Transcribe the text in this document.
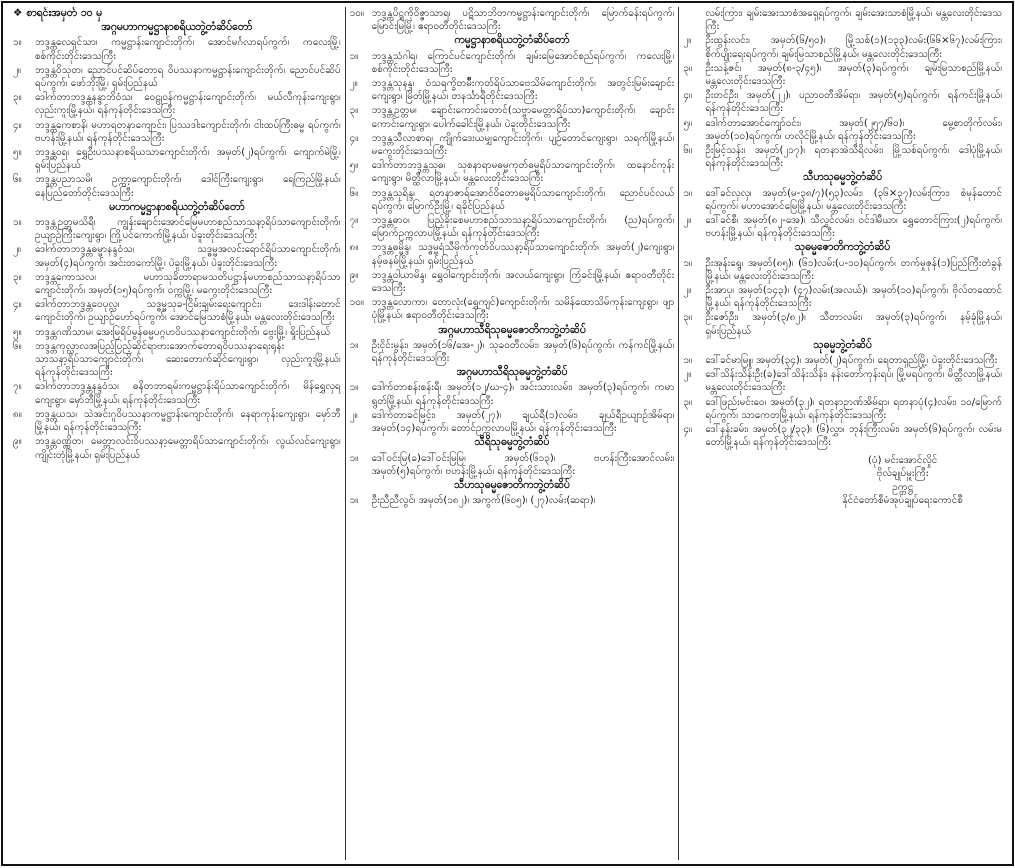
❖ စာရင်းအမှတ် ၁၀ မှ
အဂ္ဂမဟာကမ္မဋ္ဌာနာစရိယဘွဲ့တံဆိပ်တော်
၁။	ဘဒ္ဒန္တလေရှင်သာ၊ ကမ္မဋ္ဌာန်းကျောင်းတိုက်၊ အောင်မင်္ဂလာရပ်ကွက်၊ ကလေးမြို့၊ စစ်ကိုင်းတိုင်းဒေသကြီး
၂။	ဘဒ္ဒန္တဝိသုတ၊ ညောင်ပင်ဆိပ်တောရ ဝိပဿနာကမ္မဋ္ဌာန်းကျောင်းတိုက်၊ ညောင်ပင်ဆိပ်ရပ်ကွက်၊ ဖော်ဘိုးမြို့၊ ရှမ်းပြည်နယ်
၃။	ဒေါက်တာဘဒ္ဒန္တနန္ဒာဘိဝံသ၊ ဝေဠုဝန်ကမ္မဋ္ဌာန်းကျောင်းတိုက်၊ မယ်လီကုန်းကျေးရွာ၊ လှည်းကူးမြို့နယ်၊ ရန်ကုန်တိုင်းဒေသကြီး
၄။	ဘဒ္ဒန္တကေစာနိ၊ မဟာရတနာကျောင်း၊ ပြဿဒါးကျောင်းတိုက်၊ ငါးထပ်ကြီးဓမ္မ ရပ်ကွက်၊ ဗဟန်းမြို့နယ်၊ ရန်ကုန်တိုင်းဒေသကြီး
၅။	ဘဒ္ဒန္တဝရ၊ ရွှေဦးပဿနာစရိယသာကျောင်းတိုက်၊ အမှတ်(၂)ရပ်ကွက်၊ ကျောက်မဲမြို့၊ ရှမ်းပြည်နယ်
၆။	ဘဒ္ဒန္တပညာသမိ၊ ဥက္ကာ့ကျောင်းတိုက်၊ ဒေါင်ကြီးကျေးရွာ၊ ရေကြည်မြို့နယ်၊ နေပြည်တော်တိုင်းဒေသကြီး
မဟာကမ္မဋ္ဌာနာစရိယဘွဲ့တံဆိပ်တော်
၁။	ဘဒ္ဒန္တဥတ္တမသိရီ၊ ကျွန်းချောင်းအောင်မြေမဟာစည်သာသနာ့ရိပ်သာကျောင်းတိုက်၊ ဥယျာဉ်ကြီးကျေးရွာ၊ ကြို့ပင်ကောက်မြို့နယ်၊ ပဲခူးတိုင်းဒေသကြီး
၂။	ဒေါက်တာဘဒ္ဒန္တဓမ္မာနန္ဒဝံသ၊ သဒ္ဓမ္မအလင်းရောင်ရိပ်သာကျောင်းတိုက်၊ အမှတ်(၄)ရပ်ကွက်၊ အင်းတကော်မြို့၊ ပဲခူးမြို့နယ်၊ ပဲခူးတိုင်းဒေသကြီး
၃။	ဘဒ္ဒန္တကောသလ၊ မဟာသုခိတာရာမသတိပဋ္ဌာန်မဟာစည်သာသနာ့ရိပ်သာကျောင်းတိုက်၊ အမှတ်(၁၅)ရပ်ကွက်၊ ဝက္ကမြို့၊ မကွေးတိုင်းဒေသကြီး
၄။	ဒေါက်တာဘဒ္ဒန္တဝေပုလ္လ၊ သဒ္ဓမ္မသုခ-ငြိမ်းချမ်းရေးကျောင်း၊ ဒေးဒါန်းတောင်ကျောင်းတိုက်၊ ဥယျာဉ်ဟော်ရပ်ကွက်၊ အောင်မြေသာစံမြို့နယ်၊ မန္တလေးတိုင်းဒေသကြီး
၅။	ဘဒ္ဒန္တဂဏိသာမ၊ အေးမြရိပ်မွန်ဓမ္မပဂ္ဂဟဝိပဿနာကျောင်းတိုက်၊ ဗွေးမြို့၊ ရှိုးပြည်နယ်
၆။	ဘဒ္ဒန္တကုလ္လာလအပြည့်ပြည့်ဆိုင်ရာဗားအောက်တောရဝိပဿနာရေးရုန်းသာသနာ့ရိပ်သာကျောင်းတိုက်၊ ဆေးတောက်ဆိုင်ကျေးရွာ၊ လှည်းကူးမြို့နယ်၊ ရန်ကုန်တိုင်းဒေသကြီး
၇။	ဒေါက်တာဘဒ္ဒန္တနန္ဒဝံသ၊ ဓနိတဘာရမ်းကမ္မဋ္ဌာန်းရိပ်သာကျောင်းတိုက်၊ မိန်ရွှေလှရကျေးရွာ၊ မှော်ဘီမြို့နယ်၊ ရန်ကုန်တိုင်းဒေသကြီး
၈။	ဘဒ္ဒန္တယသ၊ သဲအင်းဂူဝိပဿနာကမ္မဋ္ဌာန်းကျောင်းတိုက်၊ နေရာကုန်းကျေးရွာ၊ မှော်ဘီမြို့နယ်၊ ရန်ကုန်တိုင်းဒေသကြီး
၉။	ဘဒ္ဒန္တဝဏ္ဏိတ၊ မေတ္တာလင်းဝိပဿနာ့မေတ္တာရိပ်သာကျောင်းတိုက်၊ လွယ်လင်ကျေးရွာ၊ ကျိုင်းတုံမြို့နယ်၊ ရှမ်းပြည်နယ်
၁၀။ ဘဒ္ဒန္တပိဋ္ဋကိုဝိဇ္ဇာသာရ၊ ပဋိသာဘိတကမ္မဋ္ဌာန်းကျောင်းတိုက်၊ မြောက်ခန်းရပ်ကွက်၊ မြောင်းမြမြို့၊ ဧရာဝတီတိုင်းဒေသကြီး
ကမ္မဋ္ဌာနာစရိယဘွဲ့တံဆိပ်တော်
၁။	ဘဒ္ဒန္တသံဂါရ၊ ကြောင်ပင်ကျောင်းတိုက်၊ ချမ်းမြေအောင်စည်ရပ်ကွက်၊ ကလေးမြို့၊ စစ်ကိုင်းတိုင်းဒေသကြီး
၂။	ဘဒ္ဒန္တသုနန္ဒ၊ ဝံသရက္ခိတမ်ိဳးကုတ်ရိပ်သာဗေသိမ်ကျောင်းတိုက်၊ အတွင်းမြမ်းချောင်းကျေးရွာ၊ မြိတ်မြို့နယ်၊ တနင်္သာရီတိုင်းဒေသကြီး
၃။	ဘဒ္ဒန္တဥတ္တမ၊ ချောင်းကောင်းတောင်(သဗ္ဗာမေတ္တာရိပ်သာ)ကျောင်းတိုက်၊ ချောင်းကောင်းကျေးရွာ၊ ပေါက်ခေါင်းမြို့နယ်၊ ပဲခူးတိုင်းဒေသကြီး
၄။	ဘဒ္ဒန္တသီလာစာရ၊ ကျိုက်ဒေးယမျှကျောင်းတိုက်၊ ပျဉ်တောင်ကျေးရွာ၊ သရက်မြို့နယ်၊ မကွေးတိုင်းဒေသကြီး
၅။	ဒေါက်တာဘဒ္ဒန္တသုဓ၊ သုစနာရာမဓမ္မကုတ်ဓမ္မရိပ်သာကျောင်းတိုက်၊ ထနောင်ကုန်းကျေးရွာ၊ မိတ္ထီလာမြို့နယ်၊ မန္တလေးတိုင်းဒေသကြီး
၆။	ဘဒ္ဒန္တသုရိန္ဒ၊ ရတနာဇာရ်အောင်ဝိတောဓမ္မရိပ်သာကျောင်းတိုက်၊ ညောင်ပင်လယ်ရပ်ကွက်၊ မြောက်ဦးမြို့၊ ရခိုင်ပြည်နယ်
၇။	ဘဒ္ဒန္တဓာဝ၊ ပြည့်ခိုးစေမဟာစည်သာသနာ့ရိပ်သာကျောင်းတိုက်၊ (ည)ရပ်ကွက်၊ မြောက်ဥက္ကလာပမြို့နယ်၊ ရန်ကုန်တိုင်းဒေသကြီး
၈။	ဘဒ္ဒန္တဓမ္မိန္ဒ၊ သဒ္ဓမ္မရံသီမိုက်ကုတ်ဝိပဿနာ့ရိပ်သာကျောင်းတိုက်၊ အမှတ်(၂)ကျေးရွာ၊ နမ့်ဖနမ်မြို့နယ်၊ ရှမ်းပြည်နယ်
၉။	ဘဒ္ဒန္တဝါယာမိန္ဒ၊ ရွှေဝါကျောင်းတိုက်၊ အလယ်ကျေးရွာ၊ ကြံခင်းမြို့နယ်၊ ဧရာဝတီတိုင်းဒေသကြီး
၁၀။ ဘဒ္ဒန္တလောကာ၊ တောလုံး(ရွှေကျင်)ကျောင်းတိုက်၊ သမိန်ထောသိမ်ကုန်းကျေးရွာ၊ ဖျာပုံမြို့နယ်၊ ဧရာဝတီတိုင်းဒေသကြီး
အဂ္ဂမဟာသီရိသုဓမ္မဇောတိကဘွဲ့တံဆိပ်
၁။	ဦးငိုင်းမွန်း၊ အမှတ်(၁၆/အေ-၂)၊ သုခဝတီလမ်း၊ အမှတ်(၆)ရပ်ကွက်၊ ကန်ကင်မြို့နယ်၊ ရန်ကုန်တိုင်းဒေသကြီး
အဂ္ဂမဟာသီရိသုဓမ္မဘွဲ့တံဆိပ်
၁။	ဒေါက်တာစန်းစန်းရီ၊ အမှတ်(၁၂/ဃ-၄)၊ အင်းသားလမ်း၊ အမှတ်(၃)ရပ်ကွက်၊ ကမာရွတ်မြို့နယ်၊ ရန်ကုန်တိုင်းဒေသကြီး
၂။	ဒေါက်တာခင်မြင့်း၊ အမှတ်(၂၇)၊ ချယ်ရီ(၁)လမ်း၊ ချယ်ရီဥယျာဉ်အိမ်ရာ၊ အမှတ်(၁၄)ရပ်ကွက်၊ တောင်ဥက္ကလာပမြို့နယ်၊ ရန်ကုန်တိုင်းဒေသကြီး
သီရိသုဓမ္မဘွဲ့တံဆိပ်
၁။	ဒေါ်ဝင်းမြ(ခ)ဒေါ်ဝင်းမြမြ၊ အမှတ်(၆၁၃)၊ ဗဟန်းကြီးအောင်လမ်း၊ အမှတ်(၅)ရပ်ကွက်၊ ဗဟန်းမြို့နယ်၊ ရန်ကုန်တိုင်းဒေသကြီး
သီဟသုဓမ္မဇောတိကဘွဲ့တံဆိပ်
၁။	ဦးညီညီလွင်၊ အမှတ်(၁၈၂)၊ အကွက်(၆၀၅)၊ (၂၇)လမ်း(ဆရာ)၊
လမ်းကြား၊ ချမ်းအေးသာစံအရှေ့ရပ်ကွက်၊ ချမ်းအေးသာစံမြို့နယ်၊ မန္တလေးတိုင်းဒေသကြီး
၂။	ဦးထွန်းလင်း၊ အမှတ်(၆/၅၀)၊ မြို့သစ်(၁)(၁၃၃)လမ်း(၆၆×၆၇)လမ်းကြား၊ စိုက်ပျိုးရေးရပ်ကွက်၊ ချမ်းမြသာစည်မြို့နယ်၊ မန္တလေးတိုင်းဒေသကြီး
၃။	ဦးသန့်ဇင်၊ အမှတ်(၈-၃/၄၅)၊ အမှတ်(၃)ရပ်ကွက်၊ ချမ်းမြသာစည်မြို့နယ်၊ မန္တလေးတိုင်းဒေသကြီး
၄။	ဦးတင်ဦး၊ အမှတ်(၂၂)၊ ပညာဝတီအိမ်ရာ၊ အမှတ်(၅)ရပ်ကွက်၊ ရန်ကင်းမြို့နယ်၊ ရန်ကုန်တိုင်းဒေသကြီး
၅။	ဒေါက်တာအောင်ကျော်ဝင်း၊ အမှတ်(၂၅၇/၆၀)၊ မွေ့စာတိုက်လမ်း၊ အမှတ်(၁၀)ရပ်ကွက်၊ ဟလိုင်မြို့နယ်၊ ရန်ကုန်တိုင်းဒေသကြီး
၆။	ဦးမြင့်သန်း၊ အမှတ်(၂၁၇)၊ ရတနာအဲသီရိလမ်း၊ မြို့သစ်ရပ်ကွက်၊ ဒေါပုံမြို့နယ်၊ ရန်ကုန်တိုင်းဒေသကြီး
သီဟသုဓမ္မဘွဲ့တံဆိပ်
၁။	ဒေါ်ခင်လှလှ၊ အမှတ်(မ-၃၈/၇)(၅၃)လမ်း၊ (၃၆×၃၇)လမ်းကြား၊ စဲမုန်တောင်ရပ်ကွက်၊ မဟာအောင်မြေမြို့နယ်၊ မန္တလေးတိုင်းဒေသကြီး
၂။	ဒေါ်ခင်စီ၊ အမှတ်(၈၂-အေ)၊ သီလွှင်လမ်း၊ ဝင်ဒါမီယာ၊ ရွှေတောင်ကြား(၂)ရပ်ကွက်၊ ဗဟန်းမြို့နယ်၊ ရန်ကုန်တိုင်းဒေသကြီး
သုဓမ္မဇောတိကဘွဲ့တံဆိပ်
၁။	ဦးအုန်းရွေ၊ အမှတ်(၈၅)၊ (၆၁)လမ်း(ပ-၁၀)ရပ်ကွက်၊ တက်မှုဇုန်(၁)ပြည်ကြီးတံခွန်မြို့နယ်၊ မန္တလေးတိုင်းဒေသကြီး
၂။	ဦးအာပု၊ အမှတ်(၁၄၃)၊ (၄၇)လမ်း(အလယ်)၊ အမှတ်(၁၀)ရပ်ကွက်၊ ဗိုလ်တထောင်မြို့နယ်၊ ရန်ကုန်တိုင်းဒေသကြီး
၃။	ဦးဇော်ဦး၊ အမှတ်(၃/၈၂)၊ သီတာလမ်း၊ အမှတ်(၃)ရပ်ကွက်၊ နမ့်ခုံမြို့နယ်၊ ရှမ်းပြည်နယ်
သုဓမ္မဘွဲ့တံဆိပ်
၁။	ဒေါ်ခင်မာမြူ၊ အမှတ်(၃၄)၊ အမှတ်(၂)ရပ်ကွက်၊ ရေတာရှည်မြို့၊ ပဲခူးတိုင်းဒေသကြီး
၂။	ဒေါ်သိန်းသိန်းဦး(ခ)ဒေါ်သိန်းသိန်း၊ နန်းတော်ကုန်းရပ်၊ မြို့မရပ်ကွက်၊ မိတ္ထီလာမြို့နယ်၊ မန္တလေးတိုင်းဒေသကြီး
၃။	ဒေါ်ဖြည်းမင်းဝေ၊ အမှတ်(၃၂)၊ ရတနာဉာဏ်အိမ်ရာ၊ ရတနာပုံ(၄)လမ်း၊ ၁၀/မြောက်ရပ်ကွက်၊ သာကေတမြို့နယ်၊ ရန်ကုန်တိုင်းဒေသကြီး
၄။	ဒေါ်နန်းခမ်း၊ အမှတ်(၃၂/၃၃)၊ (၆)လွှာ၊ ဘုန်းကြီးလမ်း၊ အမှတ်(၆)ရပ်ကွက်၊ လမ်းမတော်မြို့နယ်၊ ရန်ကုန်တိုင်းဒေသကြီး
(ပုံ) မင်းအောင်လှိုင်
ဗိုလ်ချုပ်မှူးကြီး
ဥက္ကဋ္ဌ
နိုင်ငံတော်စီမံအုပ်ချုပ်ရေးကောင်စီ
